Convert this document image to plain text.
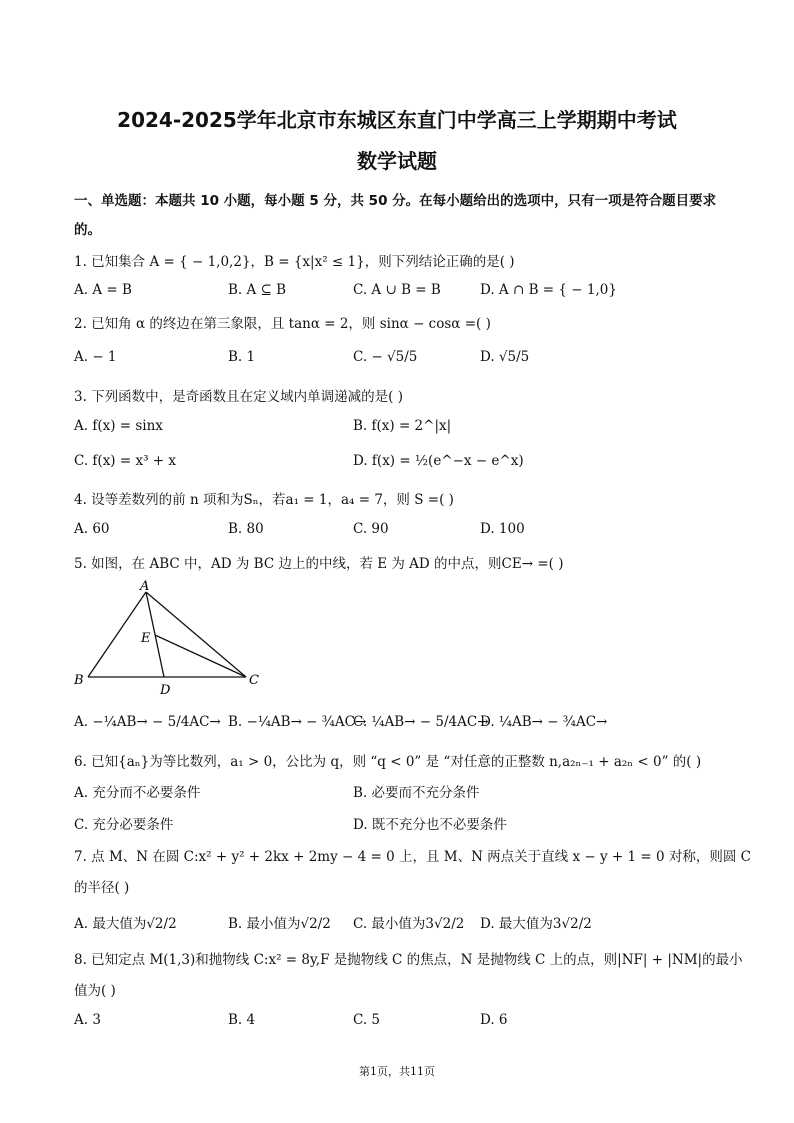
2024-2025学年北京市东城区东直门中学高三上学期期中考试
数学试题
一、单选题：本题共 10 小题，每小题 5 分，共 50 分。在每小题给出的选项中，只有一项是符合题目要求
的。
1. 已知集合 A = { − 1,0,2}，B = {x|x² ≤ 1}，则下列结论正确的是( )
A. A = B	B. A ⊆ B	C. A ∪ B = B	D. A ∩ B = { − 1,0}
2. 已知角 α 的终边在第三象限，且 tanα = 2，则 sinα − cosα =( )
A. − 1	B. 1	C. − √5/5	D. √5/5
3. 下列函数中，是奇函数且在定义域内单调递减的是( )
A. f(x) = sinx	B. f(x) = 2^|x|
C. f(x) = x³ + x	D. f(x) = ½(e^−x − e^x)
4. 设等差数列的前 n 项和为Sₙ，若a₁ = 1，a₄ = 7，则 S =( )
A. 60	B. 80	C. 90	D. 100
5. 如图，在 ABC 中，AD 为 BC 边上的中线，若 E 为 AD 的中点，则CE→ =( )
A
B	C
D
E
A. −¼AB→ − 5/4AC→ B. −¼AB→ − ¾AC→
C. ¼AB→ − 5/4AC→
D. ¼AB→ − ¾AC→
6. 已知{aₙ}为等比数列，a₁ > 0，公比为 q，则 “q < 0” 是 “对任意的正整数 n,a₂ₙ₋₁ + a₂ₙ < 0” 的( )
A. 充分而不必要条件	B. 必要而不充分条件
C. 充分必要条件	D. 既不充分也不必要条件
7. 点 M、N 在圆 C:x² + y² + 2kx + 2my − 4 = 0 上，且 M、N 两点关于直线 x − y + 1 = 0 对称，则圆 C
的半径( )
A. 最大值为√2/2	B. 最小值为√2/2 C. 最小值为3√2/2 D. 最大值为3√2/2
8. 已知定点 M(1,3)和抛物线 C:x² = 8y,F 是抛物线 C 的焦点，N 是抛物线 C 上的点，则|NF| + |NM|的最小
值为( )
A. 3	B. 4	C. 5	D. 6
第1页，共11页
